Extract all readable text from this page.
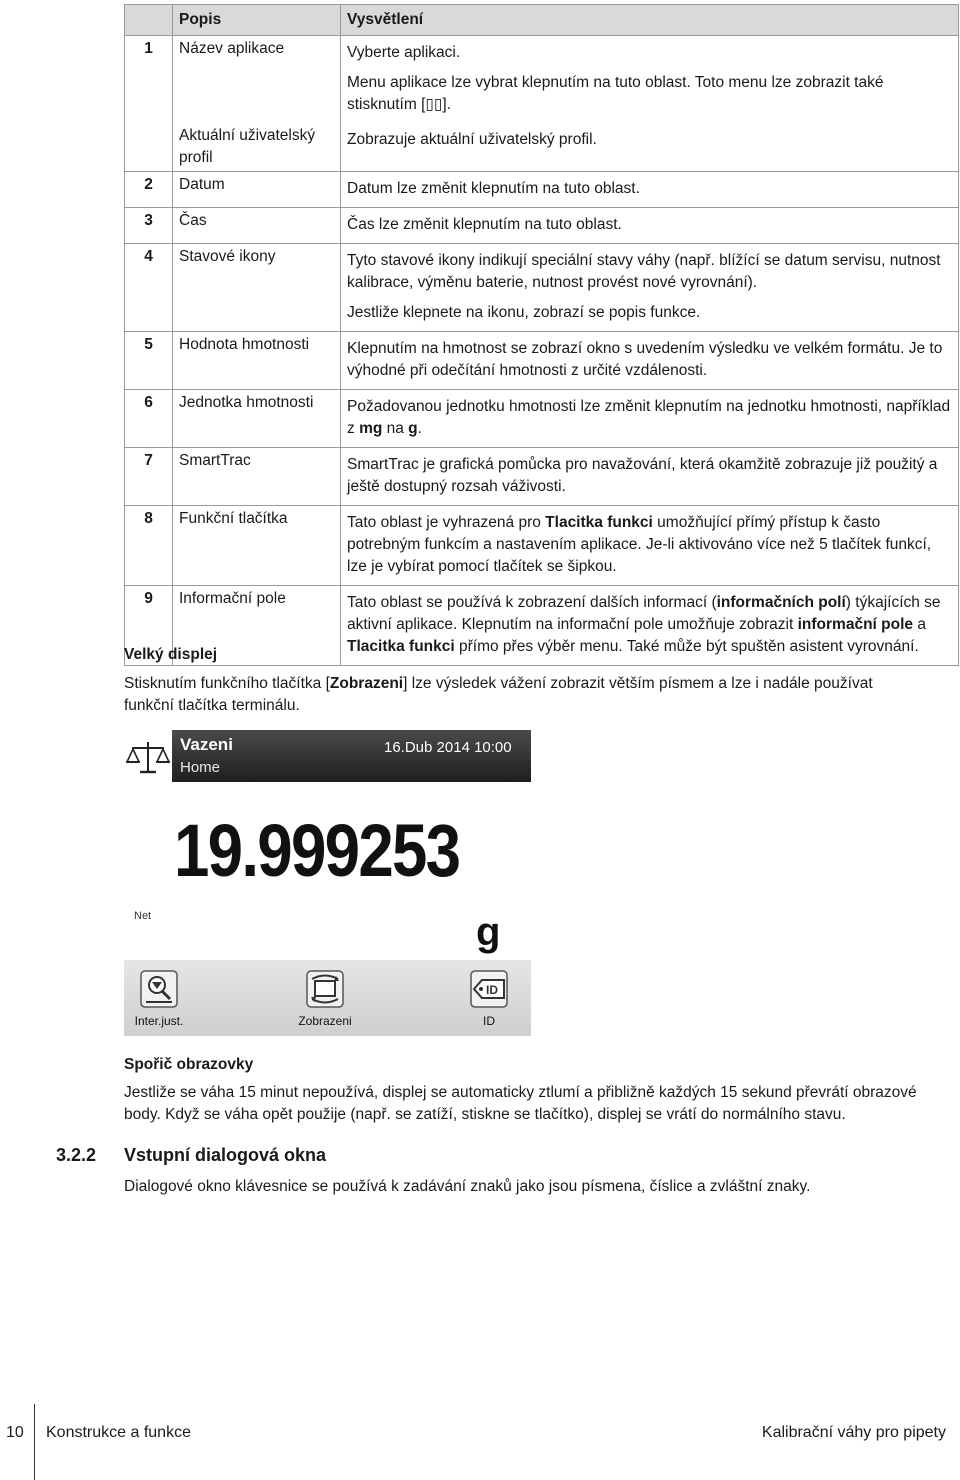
	Popis	Vysvětlení
1	Název aplikace	Vyberte aplikaci.
Menu aplikace lze vybrat klepnutím na tuto oblast. Toto menu lze zobrazit také stisknutím [▯▯].

	Aktuální uživatelský profil	Zobrazuje aktuální uživatelský profil.

2	Datum	Datum lze změnit klepnutím na tuto oblast.

3	Čas	Čas lze změnit klepnutím na tuto oblast.

4	Stavové ikony	Tyto stavové ikony indikují speciální stavy váhy (např. blížící se datum servisu, nutnost kalibrace, výměnu baterie, nutnost provést nové vyrovnání).
Jestliže klepnete na ikonu, zobrazí se popis funkce.

5	Hodnota hmotnosti	Klepnutím na hmotnost se zobrazí okno s uvedením výsledku ve velkém formátu. Je to výhodné při odečítání hmotnosti z určité vzdálenosti.

6	Jednotka hmotnosti	Požadovanou jednotku hmotnosti lze změnit klepnutím na jednotku hmotnosti, například z mg na g.

7	SmartTrac	SmartTrac je grafická pomůcka pro navažování, která okamžitě zobrazuje již použitý a ještě dostupný rozsah váživosti.

8	Funkční tlačítka	Tato oblast je vyhrazená pro Tlacitka funkci umožňující přímý přístup k často potrebným funkcím a nastavením aplikace. Je-li aktivováno více než 5 tlačítek funkcí, lze je vybírat pomocí tlačítek se šipkou.

9	Informační pole	Tato oblast se používá k zobrazení dalších informací (informačních polí) týkajících se aktivní aplikace. Klepnutím na informační pole umožňuje zobrazit informační pole a Tlacitka funkci přímo přes výběr menu. Také může být spuštěn asistent vyrovnání.
Velký displej
Stisknutím funkčního tlačítka [Zobrazeni] lze výsledek vážení zobrazit větším písmem a lze i nadále používat funkční tlačítka terminálu.
Vazeni
Home
16.Dub 2014 10:00
19.999253
Net	g
Inter.just.	Zobrazeni
ID
ID
Spořič obrazovky
Jestliže se váha 15 minut nepoužívá, displej se automaticky ztlumí a přibližně každých 15 sekund převrátí obrazové body. Když se váha opět použije (např. se zatíží, stiskne se tlačítko), displej se vrátí do normálního stavu.
3.2.2 Vstupní dialogová okna
Dialogové okno klávesnice se používá k zadávání znaků jako jsou písmena, číslice a zvláštní znaky.
10 Konstrukce a funkce	Kalibrační váhy pro pipety
